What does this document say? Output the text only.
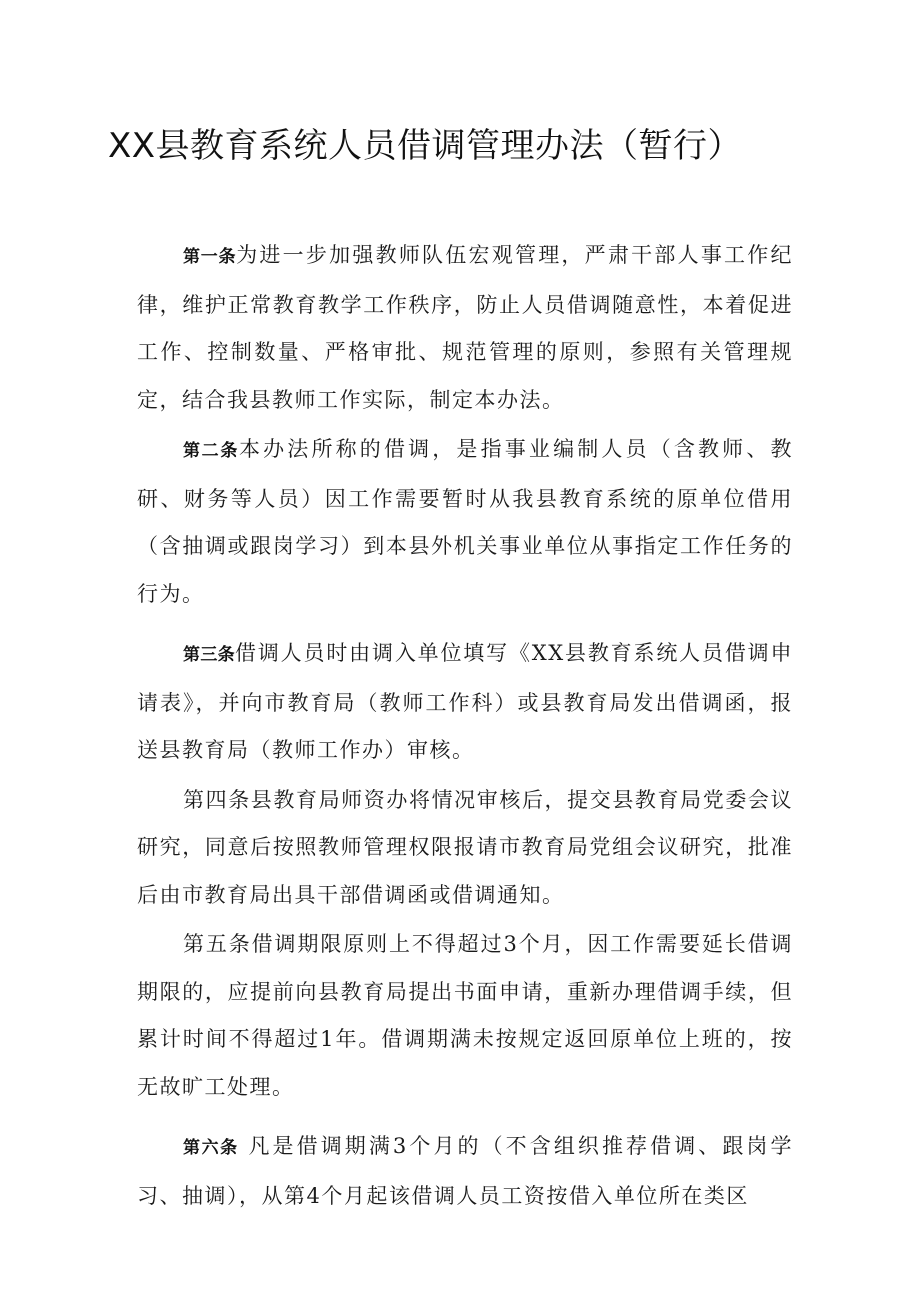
XX县教育系统人员借调管理办法（暂行）

第一条为进一步加强教师队伍宏观管理，严肃干部人事工作纪律，维护正常教育教学工作秩序，防止人员借调随意性，本着促进工作、控制数量、严格审批、规范管理的原则，参照有关管理规定，结合我县教师工作实际，制定本办法。

第二条本办法所称的借调，是指事业编制人员（含教师、教研、财务等人员）因工作需要暂时从我县教育系统的原单位借用（含抽调或跟岗学习）到本县外机关事业单位从事指定工作任务的行为。

第三条借调人员时由调入单位填写《XX县教育系统人员借调申请表》，并向市教育局（教师工作科）或县教育局发出借调函，报送县教育局（教师工作办）审核。

第四条县教育局师资办将情况审核后，提交县教育局党委会议研究，同意后按照教师管理权限报请市教育局党组会议研究，批准后由市教育局出具干部借调函或借调通知。

第五条借调期限原则上不得超过3个月，因工作需要延长借调期限的，应提前向县教育局提出书面申请，重新办理借调手续，但累计时间不得超过1年。借调期满未按规定返回原单位上班的，按无故旷工处理。

第六条 凡是借调期满3个月的（不含组织推荐借调、跟岗学习、抽调），从第4个月起该借调人员工资按借入单位所在类区
